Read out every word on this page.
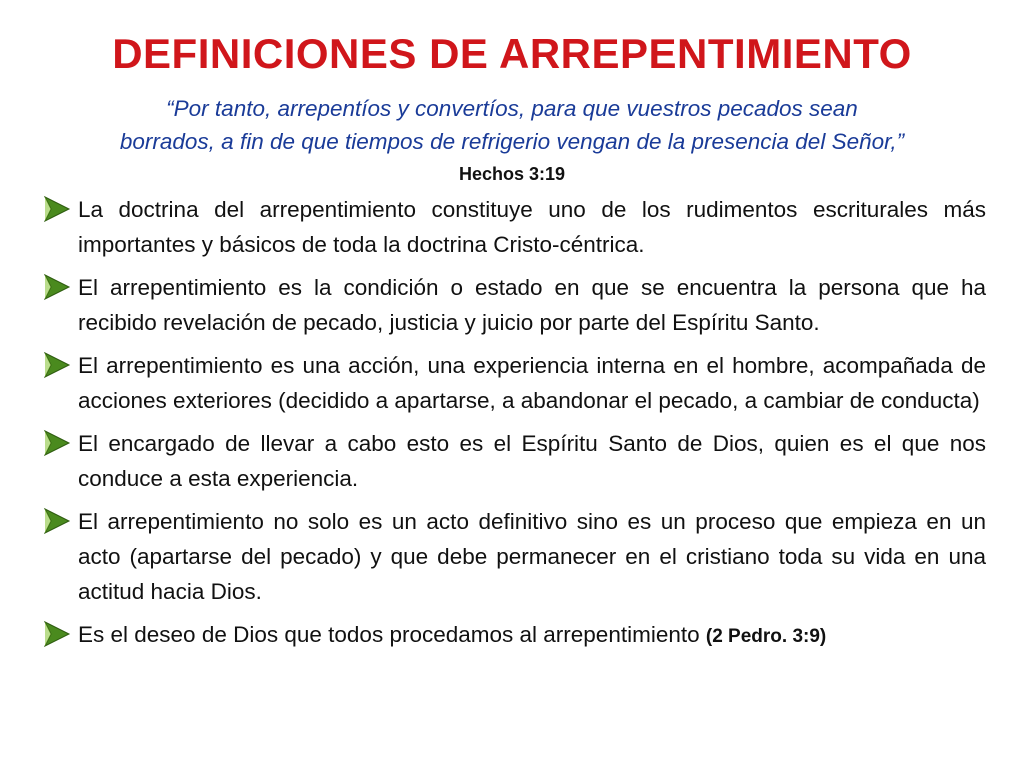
DEFINICIONES DE ARREPENTIMIENTO
“Por tanto, arrepentíos y convertíos, para que vuestros pecados sean
borrados, a fin de que tiempos de refrigerio vengan de la presencia del Señor,”
Hechos 3:19
La doctrina del arrepentimiento constituye uno de los rudimentos escriturales más importantes y básicos de toda la doctrina Cristo-céntrica.
El arrepentimiento es la condición o estado en que se encuentra la persona que ha recibido revelación de pecado, justicia y juicio por parte del Espíritu Santo.
El arrepentimiento es una acción, una experiencia interna en el hombre, acompañada de acciones exteriores (decidido a apartarse, a abandonar el pecado, a cambiar de conducta)
El encargado de llevar a cabo esto es el Espíritu Santo de Dios, quien es el que nos conduce a esta experiencia.
El arrepentimiento no solo es un acto definitivo sino es un proceso que empieza en un acto (apartarse del pecado) y que debe permanecer en el cristiano toda su vida en una actitud hacia Dios.
Es el deseo de Dios que todos procedamos al arrepentimiento (2 Pedro. 3:9)
